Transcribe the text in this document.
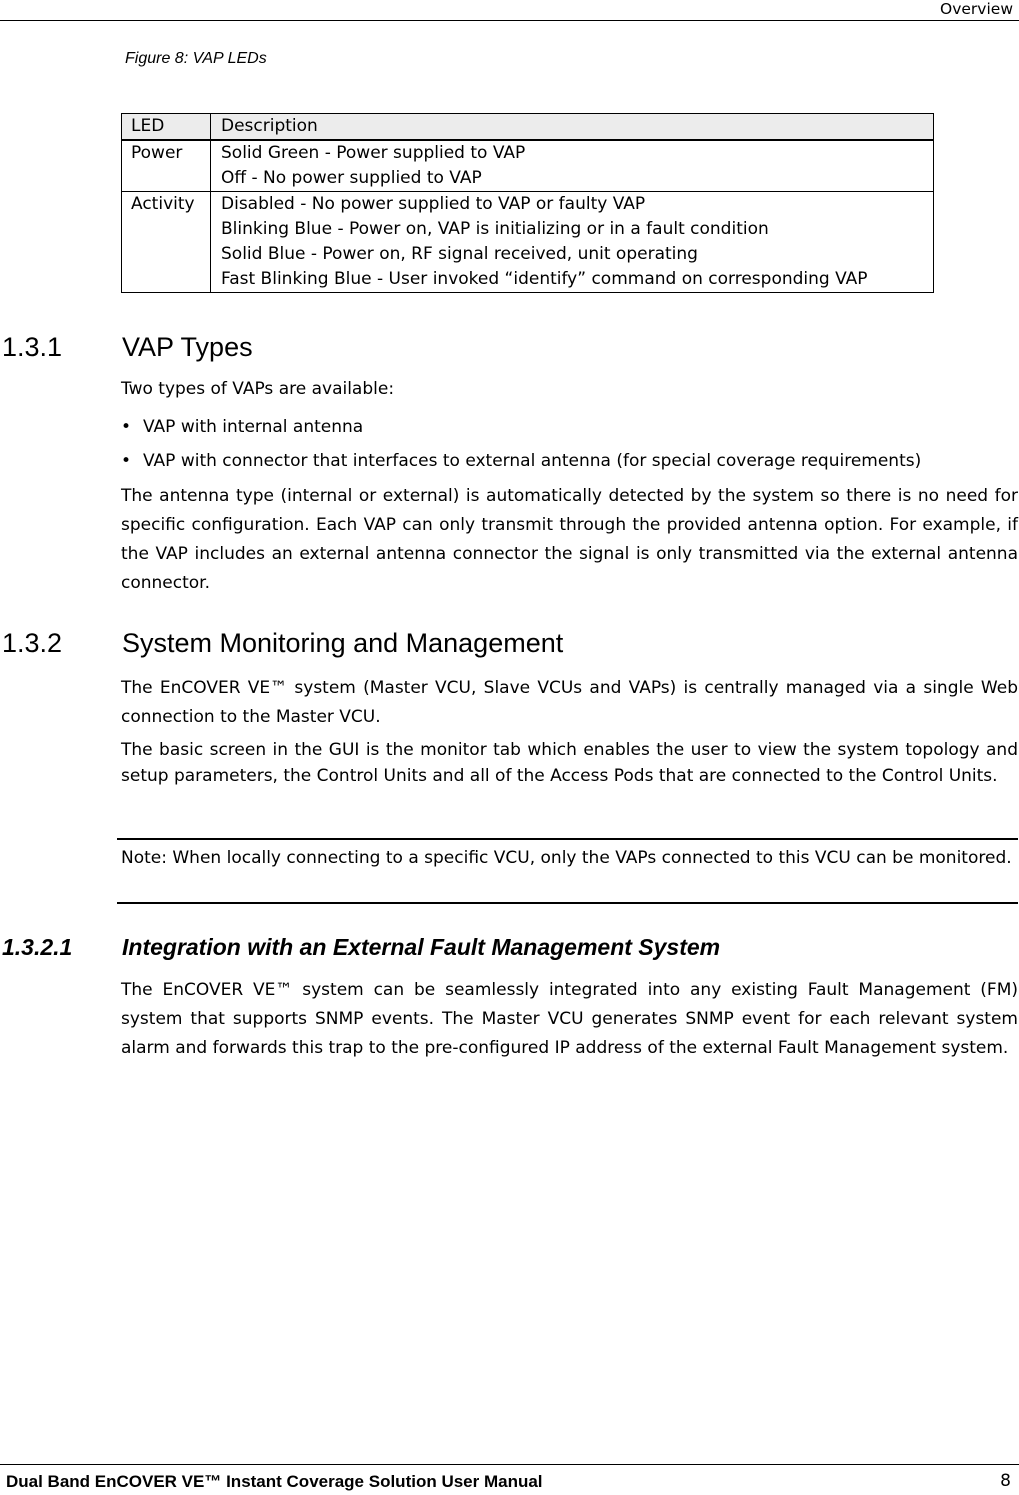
Overview
Figure 8: VAP LEDs
LED	Description
Power	Solid Green - Power supplied to VAP
Off - No power supplied to VAP

Activity	Disabled - No power supplied to VAP or faulty VAP
Blinking Blue - Power on, VAP is initializing or in a fault condition
Solid Blue - Power on, RF signal received, unit operating
Fast Blinking Blue - User invoked “identify” command on corresponding VAP
1.3.1 VAP Types

Two types of VAPs are available:

• VAP with internal antenna
• VAP with connector that interfaces to external antenna (for special coverage requirements)

The antenna type (internal or external) is automatically detected by the system so there is no need for specific configuration. Each VAP can only transmit through the provided antenna option. For example, if the VAP includes an external antenna connector the signal is only transmitted via the external antenna connector.

1.3.2 System Monitoring and Management

The EnCOVER VE™ system (Master VCU, Slave VCUs and VAPs) is centrally managed via a single Web connection to the Master VCU.

The basic screen in the GUI is the monitor tab which enables the user to view the system topology and setup parameters, the Control Units and all of the Access Pods that are connected to the Control Units.

Note: When locally connecting to a specific VCU, only the VAPs connected to this VCU can be monitored.

1.3.2.1 Integration with an External Fault Management System

The EnCOVER VE™ system can be seamlessly integrated into any existing Fault Management (FM) system that supports SNMP events. The Master VCU generates SNMP event for each relevant system alarm and forwards this trap to the pre-configured IP address of the external Fault Management system.

Dual Band EnCOVER VE™ Instant Coverage Solution User Manual	8
